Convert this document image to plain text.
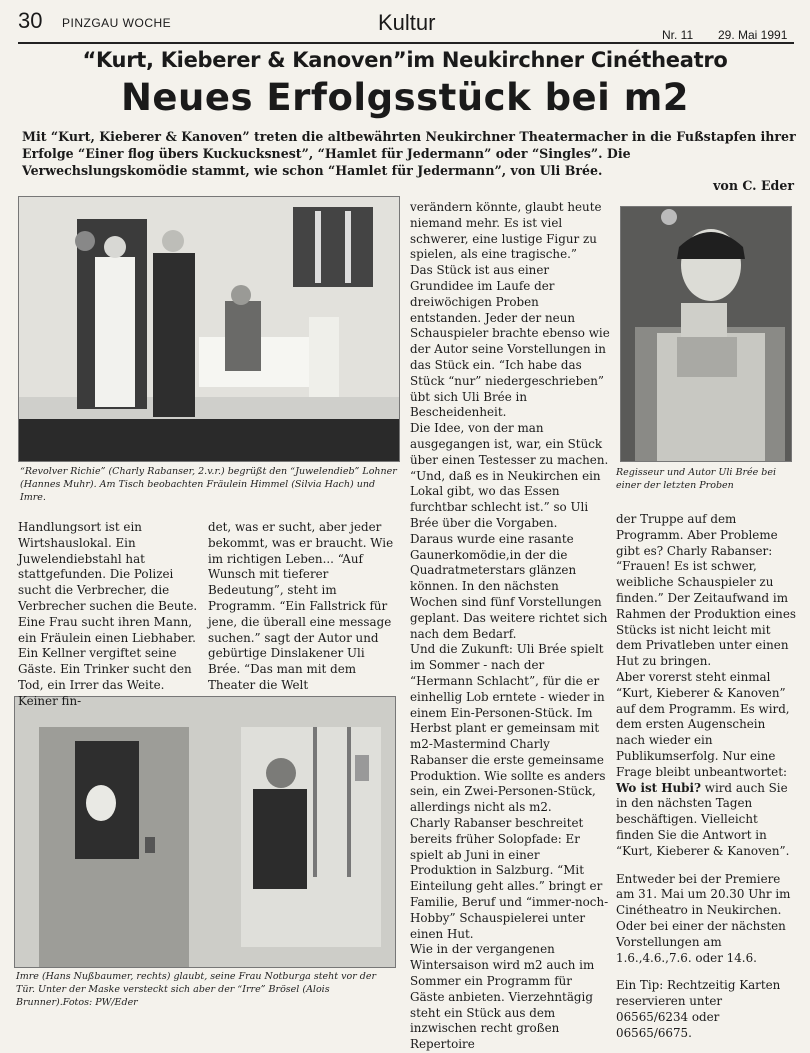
30 PINZGAU WOCHE	Kultur	Nr. 11 29. Mai 1991
“Kurt, Kieberer & Kanoven”im Neukirchner Cinétheatro
Neues Erfolgsstück bei m2
Mit “Kurt, Kieberer & Kanoven” treten die altbewährten Neukirchner Theatermacher in die Fußstapfen ihrer Erfolge “Einer flog übers Kuckucksnest”, “Hamlet für Jedermann” oder “Singles”. Die Verwechslungskomödie stammt, wie schon “Hamlet für Jedermann”, von Uli Brée.
von C. Eder
“Revolver Richie” (Charly Rabanser, 2.v.r.) begrüßt den “Juwelendieb” Lohner (Hannes Muhr). Am Tisch beobachten Fräulein Himmel (Silvia Hach) und Imre.
Regisseur und Autor Uli Brée bei einer der letzten Proben
Imre (Hans Nußbaumer, rechts) glaubt, seine Frau Notburga steht vor der Tür. Unter der Maske versteckt sich aber der “Irre” Brösel (Alois Brunner).Fotos: PW/Eder

Handlungsort ist ein Wirtshauslokal. Ein Juwelendiebstahl hat stattgefunden. Die Polizei sucht die Verbrecher, die Verbrecher suchen die Beute. Eine Frau sucht ihren Mann, ein Fräulein einen Liebhaber. Ein Kellner vergiftet seine Gäste. Ein Trinker sucht den Tod, ein Irrer das Weite. Keiner fin-

det, was er sucht, aber jeder bekommt, was er braucht. Wie im richtigen Leben... “Auf Wunsch mit tieferer Bedeutung”, steht im Programm. “Ein Fallstrick für jene, die überall eine message suchen.” sagt der Autor und gebürtige Dinslakener Uli Brée. “Das man mit dem Theater die Welt

verändern könnte, glaubt heute niemand mehr. Es ist viel schwerer, eine lustige Figur zu spielen, als eine tragische.”

Das Stück ist aus einer Grundidee im Laufe der dreiwöchigen Proben entstanden. Jeder der neun Schauspieler brachte ebenso wie der Autor seine Vorstellungen in das Stück ein. “Ich habe das Stück “nur” niedergeschrieben” übt sich Uli Brée in Bescheidenheit.

Die Idee, von der man ausgegangen ist, war, ein Stück über einen Testesser zu machen. “Und, daß es in Neukirchen ein Lokal gibt, wo das Essen furchtbar schlecht ist.” so Uli Brée über die Vorgaben.

Daraus wurde eine rasante Gaunerkomödie,in der die Quadratmeterstars glänzen können. In den nächsten Wochen sind fünf Vorstellungen geplant. Das weitere richtet sich nach dem Bedarf.

Und die Zukunft: Uli Brée spielt im Sommer - nach der “Hermann Schlacht”, für die er einhellig Lob erntete - wieder in einem Ein-Personen-Stück. Im Herbst plant er gemeinsam mit m2-Mastermind Charly Rabanser die erste gemeinsame Produktion. Wie sollte es anders sein, ein Zwei-Personen-Stück, allerdings nicht als m2.

Charly Rabanser beschreitet bereits früher Solopfade: Er spielt ab Juni in einer Produktion in Salzburg. “Mit Einteilung geht alles.” bringt er Familie, Beruf und “immer-noch-Hobby” Schauspielerei unter einen Hut.

Wie in der vergangenen Wintersaison wird m2 auch im Sommer ein Programm für Gäste anbieten. Vierzehntägig steht ein Stück aus dem inzwischen recht großen Repertoire

der Truppe auf dem Programm. Aber Probleme gibt es? Charly Rabanser: “Frauen! Es ist schwer, weibliche Schauspieler zu finden.” Der Zeitaufwand im Rahmen der Produktion eines Stücks ist nicht leicht mit dem Privatleben unter einen Hut zu bringen.

Aber vorerst steht einmal “Kurt, Kieberer & Kanoven” auf dem Programm. Es wird, dem ersten Augenschein nach wieder ein Publikumserfolg. Nur eine Frage bleibt unbeantwortet: Wo ist Hubi? wird auch Sie in den nächsten Tagen beschäftigen. Vielleicht finden Sie die Antwort in “Kurt, Kieberer & Kanoven”.

Entweder bei der Premiere am 31. Mai um 20.30 Uhr im Cinétheatro in Neukirchen. Oder bei einer der nächsten Vorstellungen am 1.6.,4.6.,7.6. oder 14.6.

Ein Tip: Rechtzeitig Karten reservieren unter 06565/6234 oder 06565/6675.
